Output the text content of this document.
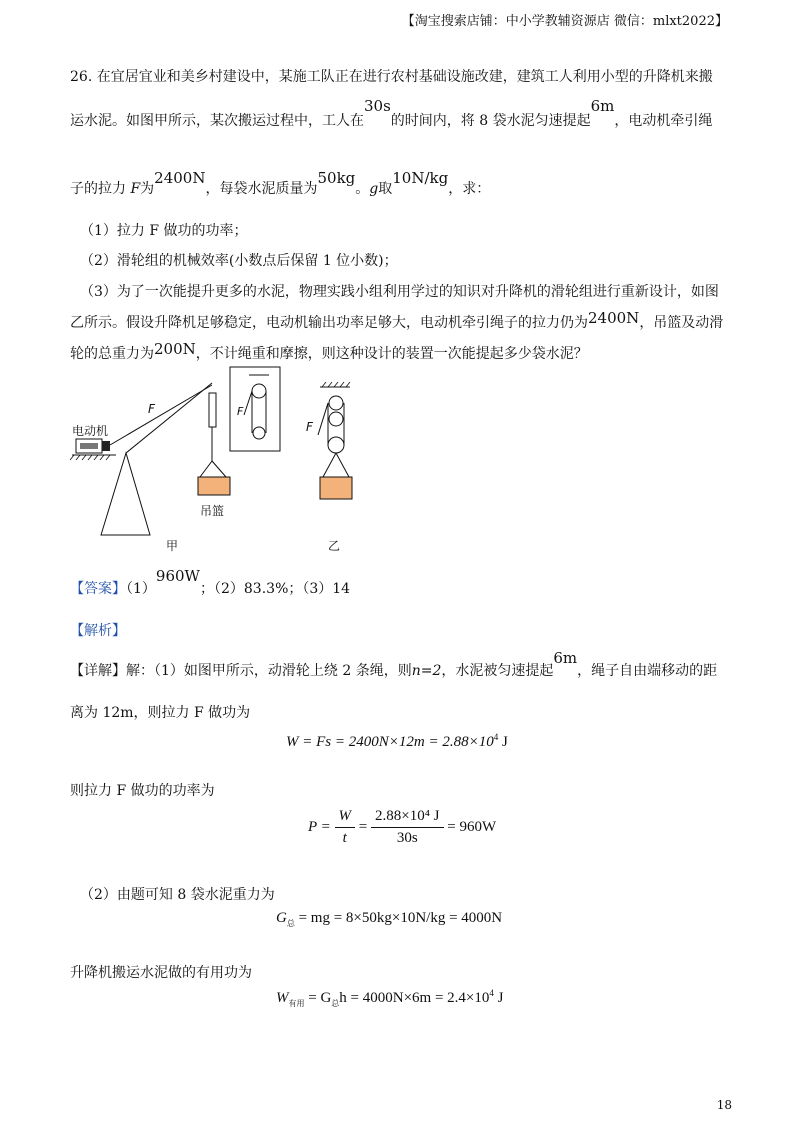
【淘宝搜索店铺：中小学教辅资源店 微信：mlxt2022】
26. 在宜居宜业和美乡村建设中，某施工队正在进行农村基础设施改建，建筑工人利用小型的升降机来搬
运水泥。如图甲所示，某次搬运过程中，工人在30s的时间内，将 8 袋水泥匀速提起6m，电动机牵引绳
子的拉力 F为2400N，每袋水泥质量为50kg。g取10N/kg，求：
（1）拉力 F 做功的功率；
（2）滑轮组的机械效率(小数点后保留 1 位小数)；
（3）为了一次能提升更多的水泥，物理实践小组利用学过的知识对升降机的滑轮组进行重新设计，如图
乙所示。假设升降机足够稳定，电动机输出功率足够大，电动机牵引绳子的拉力仍为2400N，吊篮及动滑
轮的总重力为200N，不计绳重和摩擦，则这种设计的装置一次能提起多少袋水泥？
电动机
F
吊篮
F
甲
F
乙
【答案】（1）960W；（2）83.3%；（3）14
【解析】
【详解】解：（1）如图甲所示，动滑轮上绕 2 条绳，则n=2，水泥被匀速提起6m，绳子自由端移动的距
离为 12m，则拉力 F 做功为
$W = Fs = 2400N\times 12m = 2.88\times 10^4$ J
则拉力 F 做功的功率为
$P = \frac{W}{t} = \frac{\text{2.88×10⁴ J}}{30s} = 960W$
（2）由题可知 8 袋水泥重力为
$G_总$ = mg = 8×50kg×10N/kg = 4000N
升降机搬运水泥做的有用功为
$W_{有用} = G_总h = 4000N\times 6m = 2.4\times 10^4$ J
18
